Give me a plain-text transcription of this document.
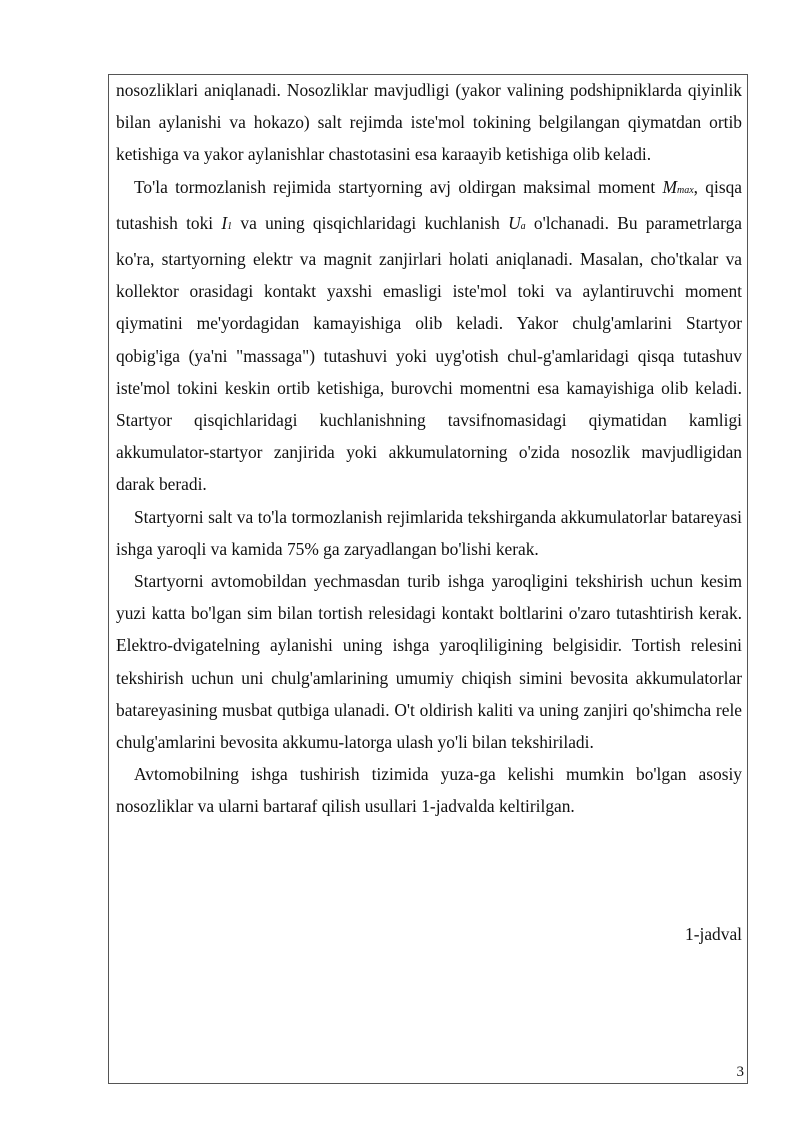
nosozliklari aniqlanadi. Nosozliklar mavjudligi (yakor valining podshipniklarda qiyinlik bilan aylanishi va hokazo) salt rejimda iste'mol tokining belgilangan qiymatdan ortib ketishiga va yakor aylanishlar chastotasini esa karaayib ketishiga olib keladi.

To'la tormozlanish rejimida startyorning avj oldirgan maksimal moment Mmax, qisqa tutashish toki I1 va uning qisqichlaridagi kuchlanish Ua o'lchanadi. Bu parametrlarga ko'ra, startyorning elektr va magnit zanjirlari holati aniqlanadi. Masalan, cho'tkalar va kollektor orasidagi kontakt yaxshi emasligi iste'mol toki va aylantiruvchi moment qiymatini me'yordagidan kamayishiga olib keladi. Yakor chulg'amlarini Startyor qobig'iga (ya'ni "massaga") tutashuvi yoki uyg'otish chul-g'amlaridagi qisqa tutashuv iste'mol tokini keskin ortib ketishiga, burovchi momentni esa kamayishiga olib keladi. Startyor qisqichlaridagi kuchlanishning tavsifnomasidagi qiymatidan kamligi akkumulator-startyor zanjirida yoki akkumulatorning o'zida nosozlik mavjudligidan darak beradi.

Startyorni salt va to'la tormozlanish rejimlarida tekshirganda akkumulatorlar batareyasi ishga yaroqli va kamida 75% ga zaryadlangan bo'lishi kerak.

Startyorni avtomobildan yechmasdan turib ishga yaroqligini tekshirish uchun kesim yuzi katta bo'lgan sim bilan tortish relesidagi kontakt boltlarini o'zaro tutashtirish kerak. Elektro-dvigatelning aylanishi uning ishga yaroqliligining belgisidir. Tortish relesini tekshirish uchun uni chulg'amlarining umumiy chiqish simini bevosita akkumulatorlar batareyasining musbat qutbiga ulanadi. O't oldirish kaliti va uning zanjiri qo'shimcha rele chulg'amlarini bevosita akkumu-latorga ulash yo'li bilan tekshiriladi.

Avtomobilning ishga tushirish tizimida yuza-ga kelishi mumkin bo'lgan asosiy nosozliklar va ularni bartaraf qilish usullari 1-jadvalda keltirilgan.

1-jadval
3
